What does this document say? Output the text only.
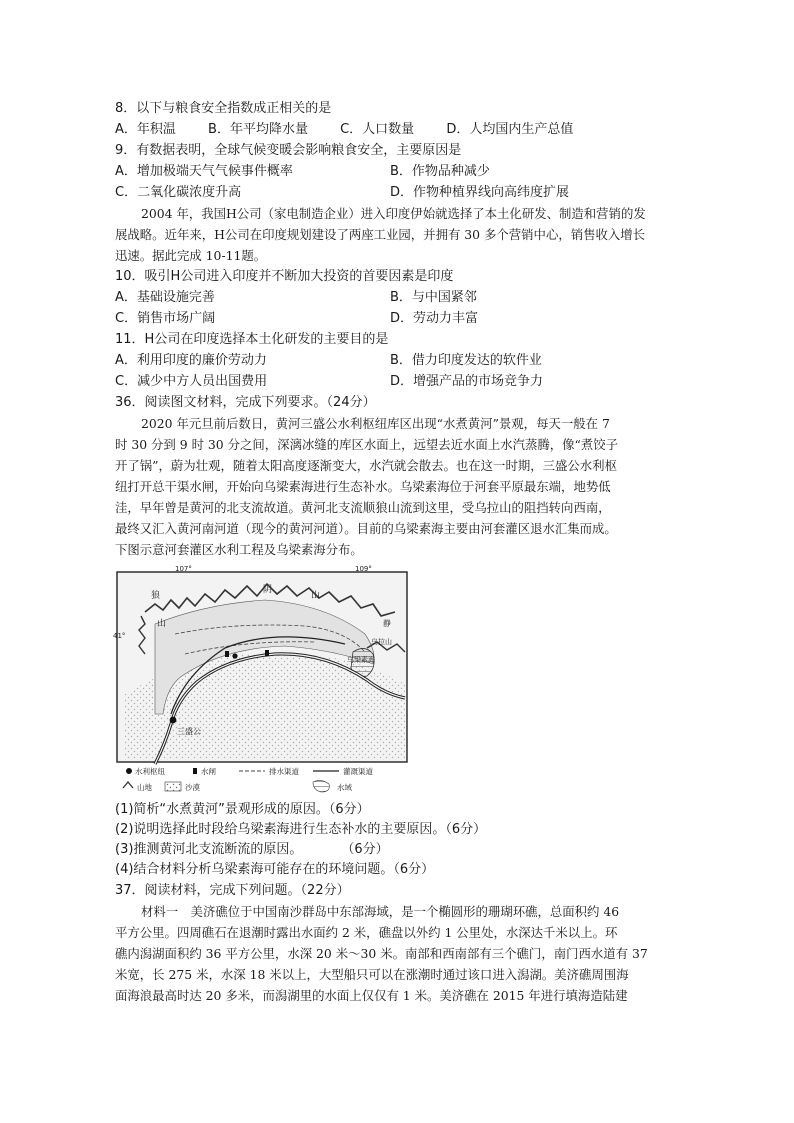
8．以下与粮食安全指数成正相关的是
A．年积温 B．年平均降水量 C．人口数量 D．人均国内生产总值
9．有数据表明，全球气候变暖会影响粮食安全，主要原因是
A．增加极端天气气候事件概率	B．作物品种减少
C．二氧化碳浓度升高	D．作物种植界线向高纬度扩展
2004 年，我国H公司（家电制造企业）进入印度伊始就选择了本土化研发、制造和营销的发
展战略。近年来，H公司在印度规划建设了两座工业园，并拥有 30 多个营销中心，销售收入增长
迅速。据此完成 10-11题。
10．吸引H公司进入印度并不断加大投资的首要因素是印度
A．基础设施完善	B．与中国紧邻
C．销售市场广阔	D．劳动力丰富
11．H公司在印度选择本土化研发的主要目的是
A．利用印度的廉价劳动力	B．借力印度发达的软件业
C．减少中方人员出国费用	D．增强产品的市场竞争力
36．阅读图文材料，完成下列要求。（24分）
2020 年元旦前后数日，黄河三盛公水利枢纽库区出现“水煮黄河”景观，每天一般在 7
时 30 分到 9 时 30 分之间，深漓冰缝的库区水面上，远望去近水面上水汽蒸腾，像“煮饺子
开了锅”，蔚为壮观，随着太阳高度逐渐变大，水汽就会散去。也在这一时期，三盛公水利枢
纽打开总干渠水闸，开始向乌梁素海进行生态补水。乌梁素海位于河套平原最东端，地势低
洼，早年曾是黄河的北支流故道。黄河北支流顺狼山流到这里，受乌拉山的阻挡转向西南，
最终又汇入黄河南河道（现今的黄河河道）。目前的乌梁素海主要由河套灌区退水汇集而成。
下图示意河套灌区水利工程及乌梁素海分布。
107°	109°
41°
狼
山
阴
山
静
乌拉山
乌梁素海
三盛公
水利枢纽	水闸	排水渠道	灌溉渠道
山地	沙漠	水域
(1)简析“水煮黄河”景观形成的原因。（6分）
(2)说明选择此时段给乌梁素海进行生态补水的主要原因。（6分）
(3)推测黄河北支流断流的原因。　　　　（6分）
(4)结合材料分析乌梁素海可能存在的环境问题。（6分）
37．阅读材料，完成下列问题。（22分）
材料一　美济礁位于中国南沙群岛中东部海域，是一个椭圆形的珊瑚环礁，总面积约 46
平方公里。四周礁石在退潮时露出水面约 2 米，礁盘以外约 1 公里处，水深达千米以上。环
礁内潟湖面积约 36 平方公里，水深 20 米～30 米。南部和西南部有三个礁门，南门西水道有 37
米宽，长 275 米，水深 18 米以上，大型船只可以在涨潮时通过该口进入潟湖。美济礁周围海
面海浪最高时达 20 多米，而潟湖里的水面上仅仅有 1 米。美济礁在 2015 年进行填海造陆建
